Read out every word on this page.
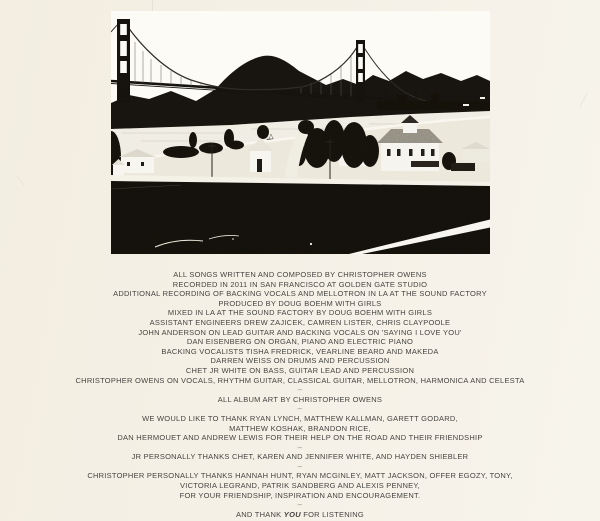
ALL SONGS WRITTEN AND COMPOSED BY CHRISTOPHER OWENS
RECORDED IN 2011 IN SAN FRANCISCO AT GOLDEN GATE STUDIO
ADDITIONAL RECORDING OF BACKING VOCALS AND MELLOTRON IN LA AT THE SOUND FACTORY
PRODUCED BY DOUG BOEHM WITH GIRLS
MIXED IN LA AT THE SOUND FACTORY BY DOUG BOEHM WITH GIRLS
ASSISTANT ENGINEERS DREW ZAJICEK, CAMREN LISTER, CHRIS CLAYPOOLE
JOHN ANDERSON ON LEAD GUITAR AND BACKING VOCALS ON 'SAYING I LOVE YOU'
DAN EISENBERG ON ORGAN, PIANO AND ELECTRIC PIANO
BACKING VOCALISTS TISHA FREDRICK, VEARLINE BEARD AND MAKEDA
DARREN WEISS ON DRUMS AND PERCUSSION
CHET JR WHITE ON BASS, GUITAR LEAD AND PERCUSSION
CHRISTOPHER OWENS ON VOCALS, RHYTHM GUITAR, CLASSICAL GUITAR, MELLOTRON, HARMONICA AND CELESTA
–
ALL ALBUM ART BY CHRISTOPHER OWENS
–
WE WOULD LIKE TO THANK RYAN LYNCH, MATTHEW KALLMAN, GARETT GODARD,
MATTHEW KOSHAK, BRANDON RICE,
DAN HERMOUET AND ANDREW LEWIS FOR THEIR HELP ON THE ROAD AND THEIR FRIENDSHIP
–
JR PERSONALLY THANKS CHET, KAREN AND JENNIFER WHITE, AND HAYDEN SHIEBLER
–
CHRISTOPHER PERSONALLY THANKS HANNAH HUNT, RYAN MCGINLEY, MATT JACKSON, OFFER EGOZY, TONY,
VICTORIA LEGRAND, PATRIK SANDBERG AND ALEXIS PENNEY,
FOR YOUR FRIENDSHIP, INSPIRATION AND ENCOURAGEMENT.
–
AND THANK YOU FOR LISTENING
